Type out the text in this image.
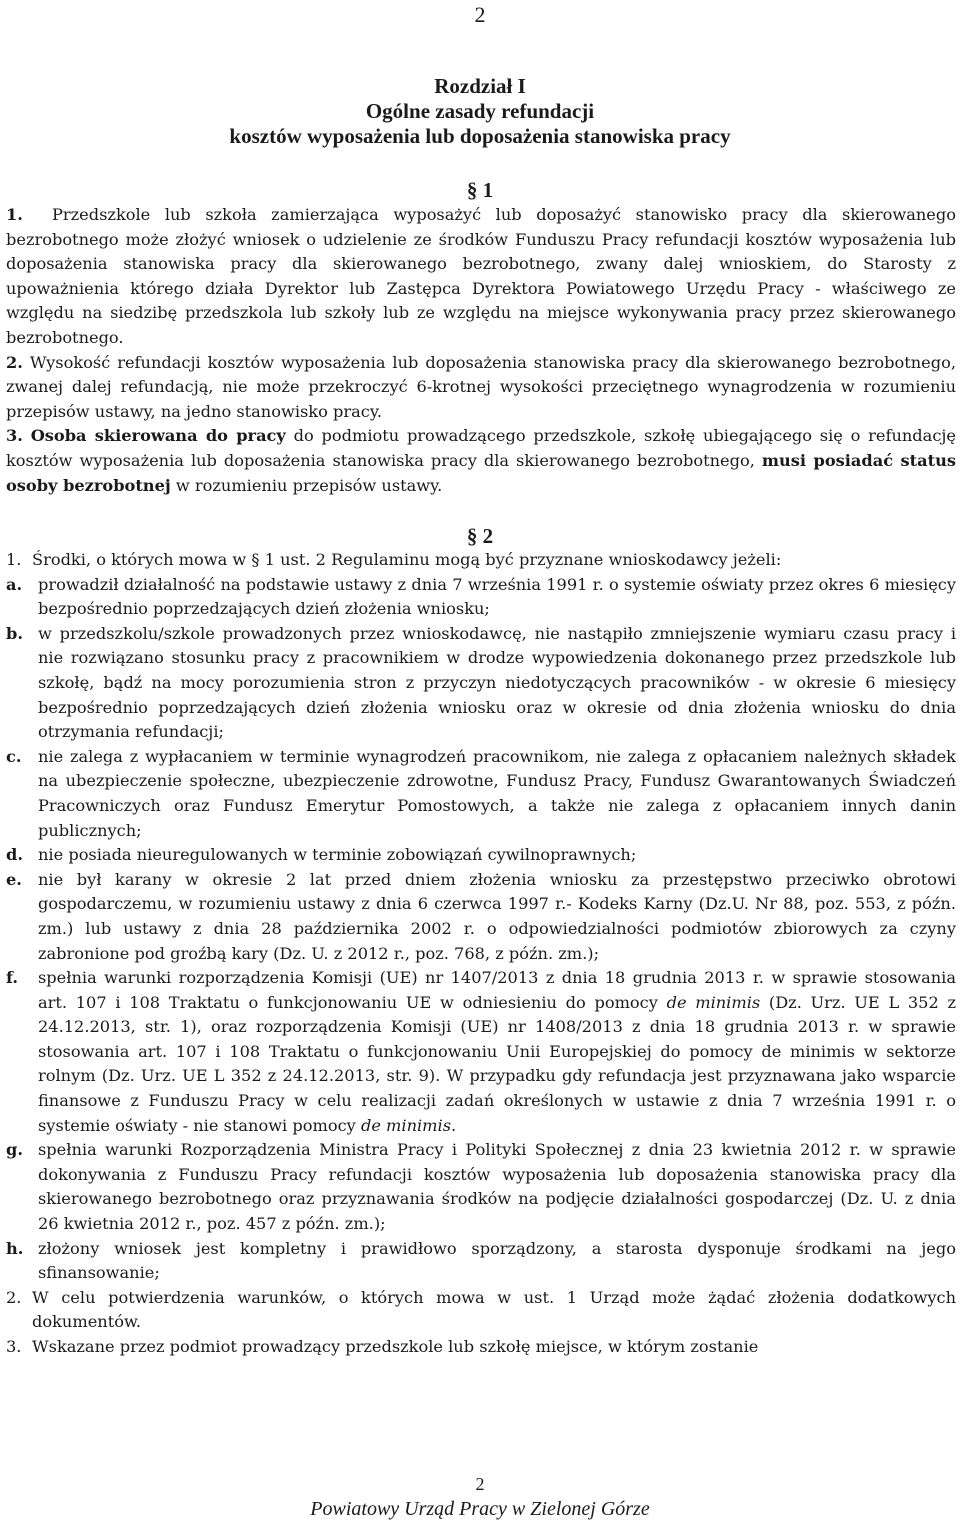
2
Rozdział I
Ogólne zasady refundacji
kosztów wyposażenia lub doposażenia stanowiska pracy
§ 1

1. Przedszkole lub szkoła zamierzająca wyposażyć lub doposażyć stanowisko pracy dla skierowanego bezrobotnego może złożyć wniosek o udzielenie ze środków Funduszu Pracy refundacji kosztów wyposażenia lub doposażenia stanowiska pracy dla skierowanego bezrobotnego, zwany dalej wnioskiem, do Starosty z upoważnienia którego działa Dyrektor lub Zastępca Dyrektora Powiatowego Urzędu Pracy - właściwego ze względu na siedzibę przedszkola lub szkoły lub ze względu na miejsce wykonywania pracy przez skierowanego bezrobotnego.

2. Wysokość refundacji kosztów wyposażenia lub doposażenia stanowiska pracy dla skierowanego bezrobotnego, zwanej dalej refundacją, nie może przekroczyć 6-krotnej wysokości przeciętnego wynagrodzenia w rozumieniu przepisów ustawy, na jedno stanowisko pracy.

3. Osoba skierowana do pracy do podmiotu prowadzącego przedszkole, szkołę ubiegającego się o refundację kosztów wyposażenia lub doposażenia stanowiska pracy dla skierowanego bezrobotnego, musi posiadać status osoby bezrobotnej w rozumieniu przepisów ustawy.

§ 2

1. Środki, o których mowa w § 1 ust. 2 Regulaminu mogą być przyznane wnioskodawcy jeżeli:

a. prowadził działalność na podstawie ustawy z dnia 7 września 1991 r. o systemie oświaty przez okres 6 miesięcy bezpośrednio poprzedzających dzień złożenia wniosku;
b. w przedszkolu/szkole prowadzonych przez wnioskodawcę, nie nastąpiło zmniejszenie wymiaru czasu pracy i nie rozwiązano stosunku pracy z pracownikiem w drodze wypowiedzenia dokonanego przez przedszkole lub szkołę, bądź na mocy porozumienia stron z przyczyn niedotyczących pracowników - w okresie 6 miesięcy bezpośrednio poprzedzających dzień złożenia wniosku oraz w okresie od dnia złożenia wniosku do dnia otrzymania refundacji;
c.	nie zalega z wypłacaniem w terminie wynagrodzeń pracownikom, nie zalega z opłacaniem należnych składek na ubezpieczenie społeczne, ubezpieczenie zdrowotne, Fundusz Pracy, Fundusz Gwarantowanych Świadczeń Pracowniczych oraz Fundusz Emerytur Pomostowych, a także nie zalega z opłacaniem innych danin publicznych;
d. nie posiada nieuregulowanych w terminie zobowiązań cywilnoprawnych;
e. nie był karany w okresie 2 lat przed dniem złożenia wniosku za przestępstwo przeciwko obrotowi gospodarczemu, w rozumieniu ustawy z dnia 6 czerwca 1997 r.- Kodeks Karny (Dz.U. Nr 88, poz. 553, z późn. zm.) lub ustawy z dnia 28 października 2002 r. o odpowiedzialności podmiotów zbiorowych za czyny zabronione pod groźbą kary (Dz. U. z 2012 r., poz. 768, z późn. zm.);
f.	spełnia warunki rozporządzenia Komisji (UE) nr 1407/2013 z dnia 18 grudnia 2013 r. w sprawie stosowania art. 107 i 108 Traktatu o funkcjonowaniu UE w odniesieniu do pomocy de minimis (Dz. Urz. UE L 352 z 24.12.2013, str. 1), oraz rozporządzenia Komisji (UE) nr 1408/2013 z dnia 18 grudnia 2013 r. w sprawie stosowania art. 107 i 108 Traktatu o funkcjonowaniu Unii Europejskiej do pomocy de minimis w sektorze rolnym (Dz. Urz. UE L 352 z 24.12.2013, str. 9). W przypadku gdy refundacja jest przyznawana jako wsparcie finansowe z Funduszu Pracy w celu realizacji zadań określonych w ustawie z dnia 7 września 1991 r. o systemie oświaty - nie stanowi pomocy de minimis.
g. spełnia warunki Rozporządzenia Ministra Pracy i Polityki Społecznej z dnia 23 kwietnia 2012 r. w sprawie dokonywania z Funduszu Pracy refundacji kosztów wyposażenia lub doposażenia stanowiska pracy dla skierowanego bezrobotnego oraz przyznawania środków na podjęcie działalności gospodarczej (Dz. U. z dnia 26 kwietnia 2012 r., poz. 457 z późn. zm.);
h. złożony wniosek jest kompletny i prawidłowo sporządzony, a starosta dysponuje środkami na jego sfinansowanie;

2. W celu potwierdzenia warunków, o których mowa w ust. 1 Urząd może żądać złożenia dodatkowych dokumentów.

3. Wskazane przez podmiot prowadzący przedszkole lub szkołę miejsce, w którym zostanie

2
Powiatowy Urząd Pracy w Zielonej Górze
